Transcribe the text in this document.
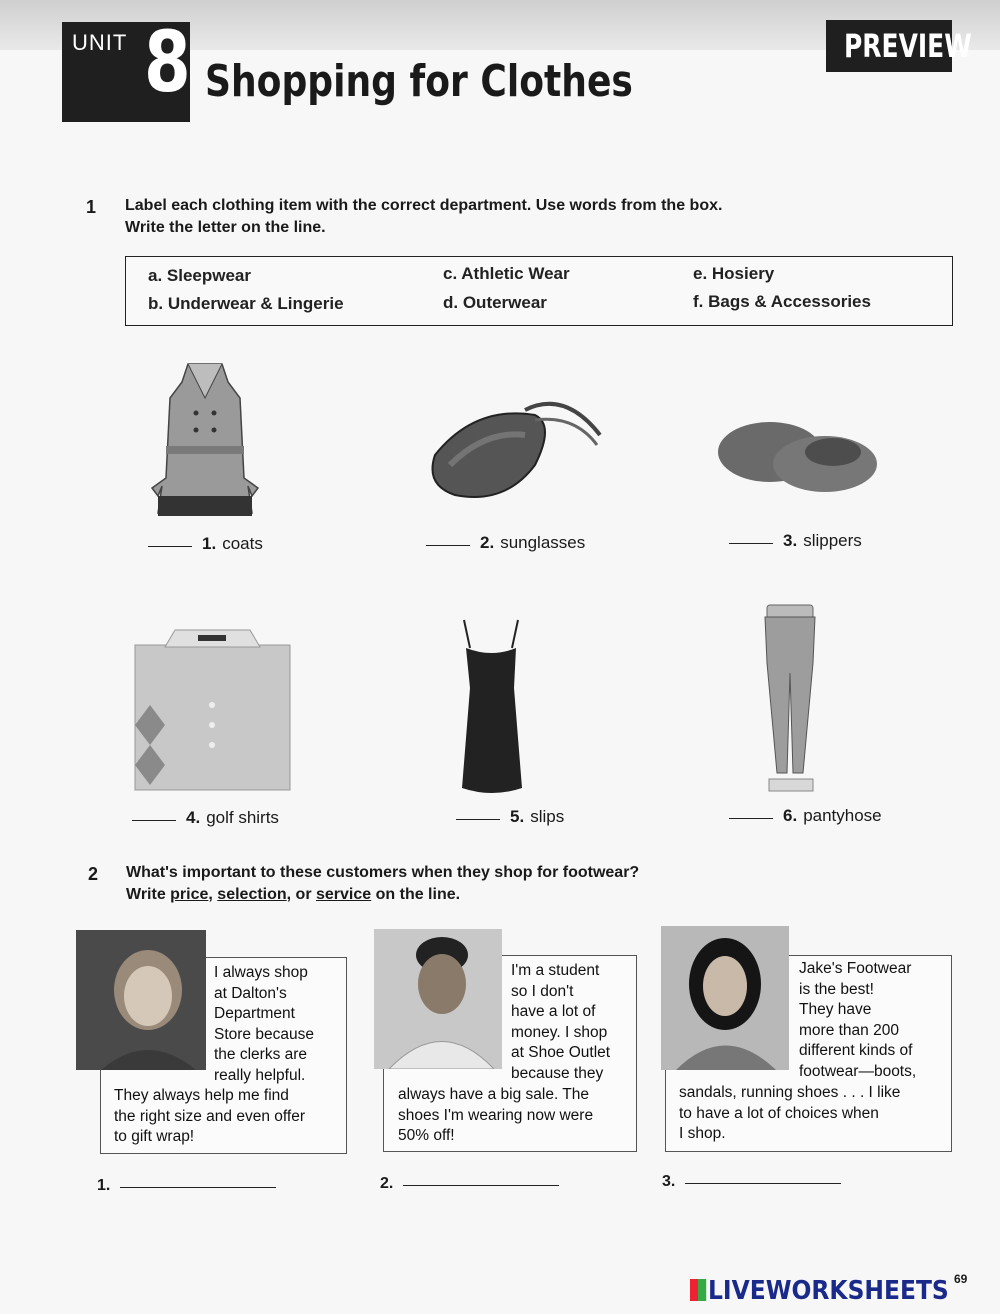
UNIT 8 Shopping for Clothes
PREVIEW
1 Label each clothing item with the correct department. Use words from the box.
Write the letter on the line.
a. Sleepwear
b. Underwear & Lingerie
c. Athletic Wear
d. Outerwear
e. Hosiery
f. Bags & Accessories
1. coats	2. sunglasses	3. slippers
4. golf shirts	5. slips	6. pantyhose
2 What's important to these customers when they shop for footwear?
Write price, selection, or service on the line.
I always shop
at Dalton's
Department
Store because
the clerks are
really helpful.
They always help me find
the right size and even offer
to gift wrap!
I'm a student
so I don't
have a lot of
money. I shop
at Shoe Outlet
because they
always have a big sale. The
shoes I'm wearing now were
50% off!
Jake's Footwear
is the best!
They have
more than 200
different kinds of
footwear—boots,
sandals, running shoes . . . I like
to have a lot of choices when
I shop.
1.	2.	3.
LIVEWORKSHEETS 69
